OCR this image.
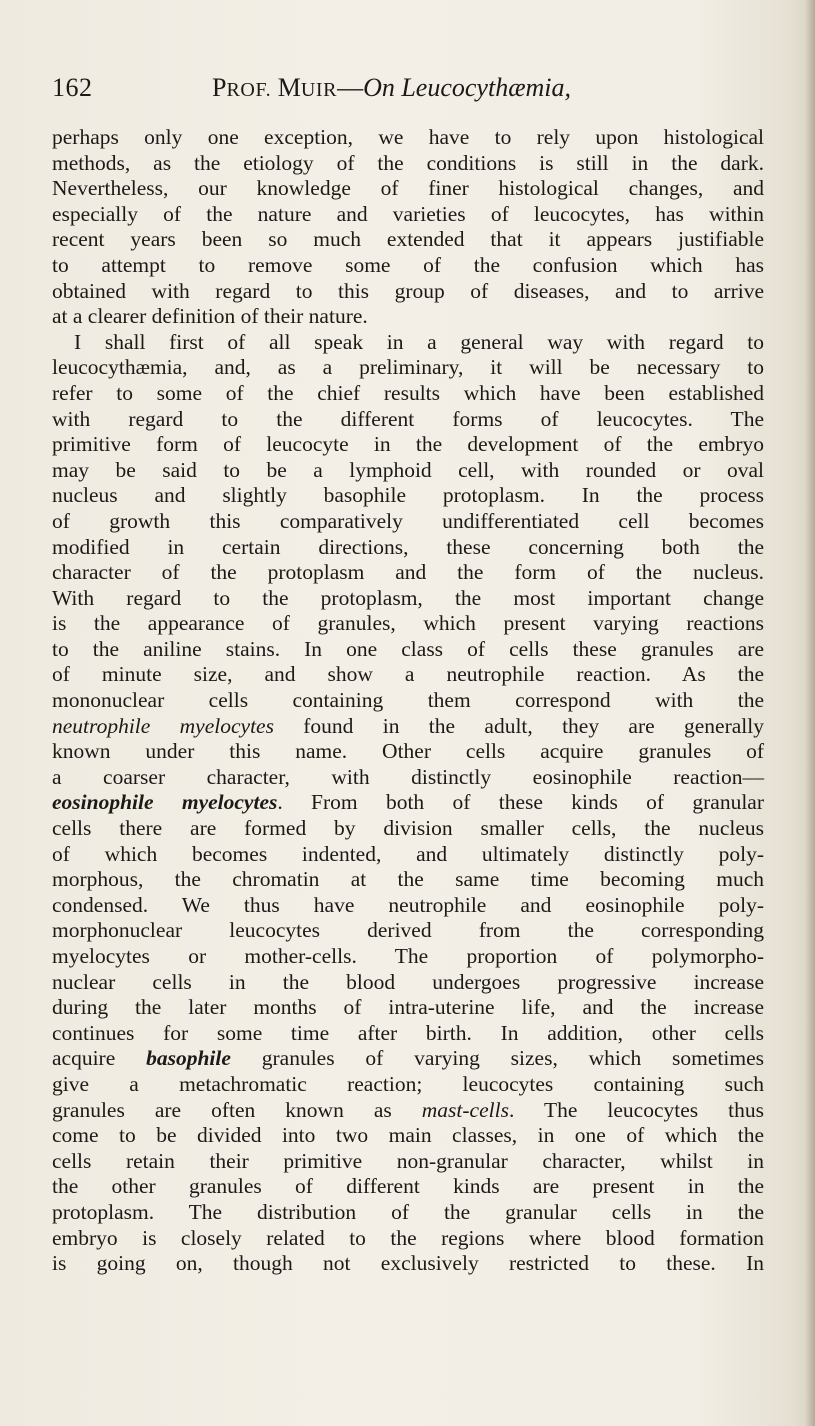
162	PROF. MUIR—On Leucocythæmia,
perhaps only one exception, we have to rely upon histological
methods, as the etiology of the conditions is still in the dark.
Nevertheless, our knowledge of finer histological changes, and
especially of the nature and varieties of leucocytes, has within
recent years been so much extended that it appears justifiable
to attempt to remove some of the confusion which has
obtained with regard to this group of diseases, and to arrive
at a clearer definition of their nature.
I shall first of all speak in a general way with regard to
leucocythæmia, and, as a preliminary, it will be necessary to
refer to some of the chief results which have been established
with regard to the different forms of leucocytes. The
primitive form of leucocyte in the development of the embryo
may be said to be a lymphoid cell, with rounded or oval
nucleus and slightly basophile protoplasm. In the process
of growth this comparatively undifferentiated cell becomes
modified in certain directions, these concerning both the
character of the protoplasm and the form of the nucleus.
With regard to the protoplasm, the most important change
is the appearance of granules, which present varying reactions
to the aniline stains. In one class of cells these granules are
of minute size, and show a neutrophile reaction. As the
mononuclear cells containing them correspond with the
neutrophile myelocytes found in the adult, they are generally
known under this name. Other cells acquire granules of
a coarser character, with distinctly eosinophile reaction—
eosinophile myelocytes. From both of these kinds of granular
cells there are formed by division smaller cells, the nucleus
of which becomes indented, and ultimately distinctly poly-
morphous, the chromatin at the same time becoming much
condensed. We thus have neutrophile and eosinophile poly-
morphonuclear leucocytes derived from the corresponding
myelocytes or mother-cells. The proportion of polymorpho-
nuclear cells in the blood undergoes progressive increase
during the later months of intra-uterine life, and the increase
continues for some time after birth. In addition, other cells
acquire basophile granules of varying sizes, which sometimes
give a metachromatic reaction; leucocytes containing such
granules are often known as mast-cells. The leucocytes thus
come to be divided into two main classes, in one of which the
cells retain their primitive non-granular character, whilst in
the other granules of different kinds are present in the
protoplasm. The distribution of the granular cells in the
embryo is closely related to the regions where blood formation
is going on, though not exclusively restricted to these. In
